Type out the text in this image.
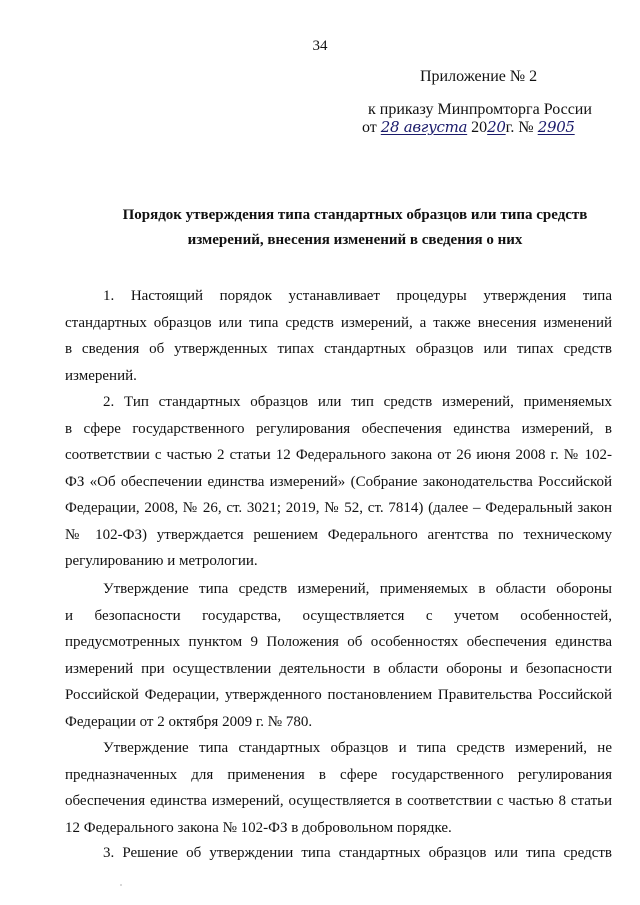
34
Приложение № 2
к приказу Минпромторга России
от 28 августа 2020г. № 2905
Порядок утверждения типа стандартных образцов или типа средств
измерений, внесения изменений в сведения о них
1. Настоящий порядок устанавливает процедуры утверждения типа
стандартных образцов или типа средств измерений, а также внесения изменений
в сведения об утвержденных типах стандартных образцов или типах средств
измерений.
2. Тип стандартных образцов или тип средств измерений, применяемых
в сфере государственного регулирования обеспечения единства измерений, в
соответствии с частью 2 статьи 12 Федерального закона от 26 июня 2008 г. № 102-
ФЗ «Об обеспечении единства измерений» (Собрание законодательства Российской
Федерации, 2008, № 26, ст. 3021; 2019, № 52, ст. 7814) (далее – Федеральный закон
№ 102-ФЗ) утверждается решением Федерального агентства по техническому
регулированию и метрологии.
Утверждение типа средств измерений, применяемых в области обороны
и безопасности государства, осуществляется с учетом особенностей,
предусмотренных пунктом 9 Положения об особенностях обеспечения единства
измерений при осуществлении деятельности в области обороны и безопасности
Российской Федерации, утвержденного постановлением Правительства Российской
Федерации от 2 октября 2009 г. № 780.
Утверждение типа стандартных образцов и типа средств измерений, не
предназначенных для применения в сфере государственного регулирования
обеспечения единства измерений, осуществляется в соответствии с частью 8 статьи
12 Федерального закона № 102-ФЗ в добровольном порядке.
3. Решение об утверждении типа стандартных образцов или типа средств
